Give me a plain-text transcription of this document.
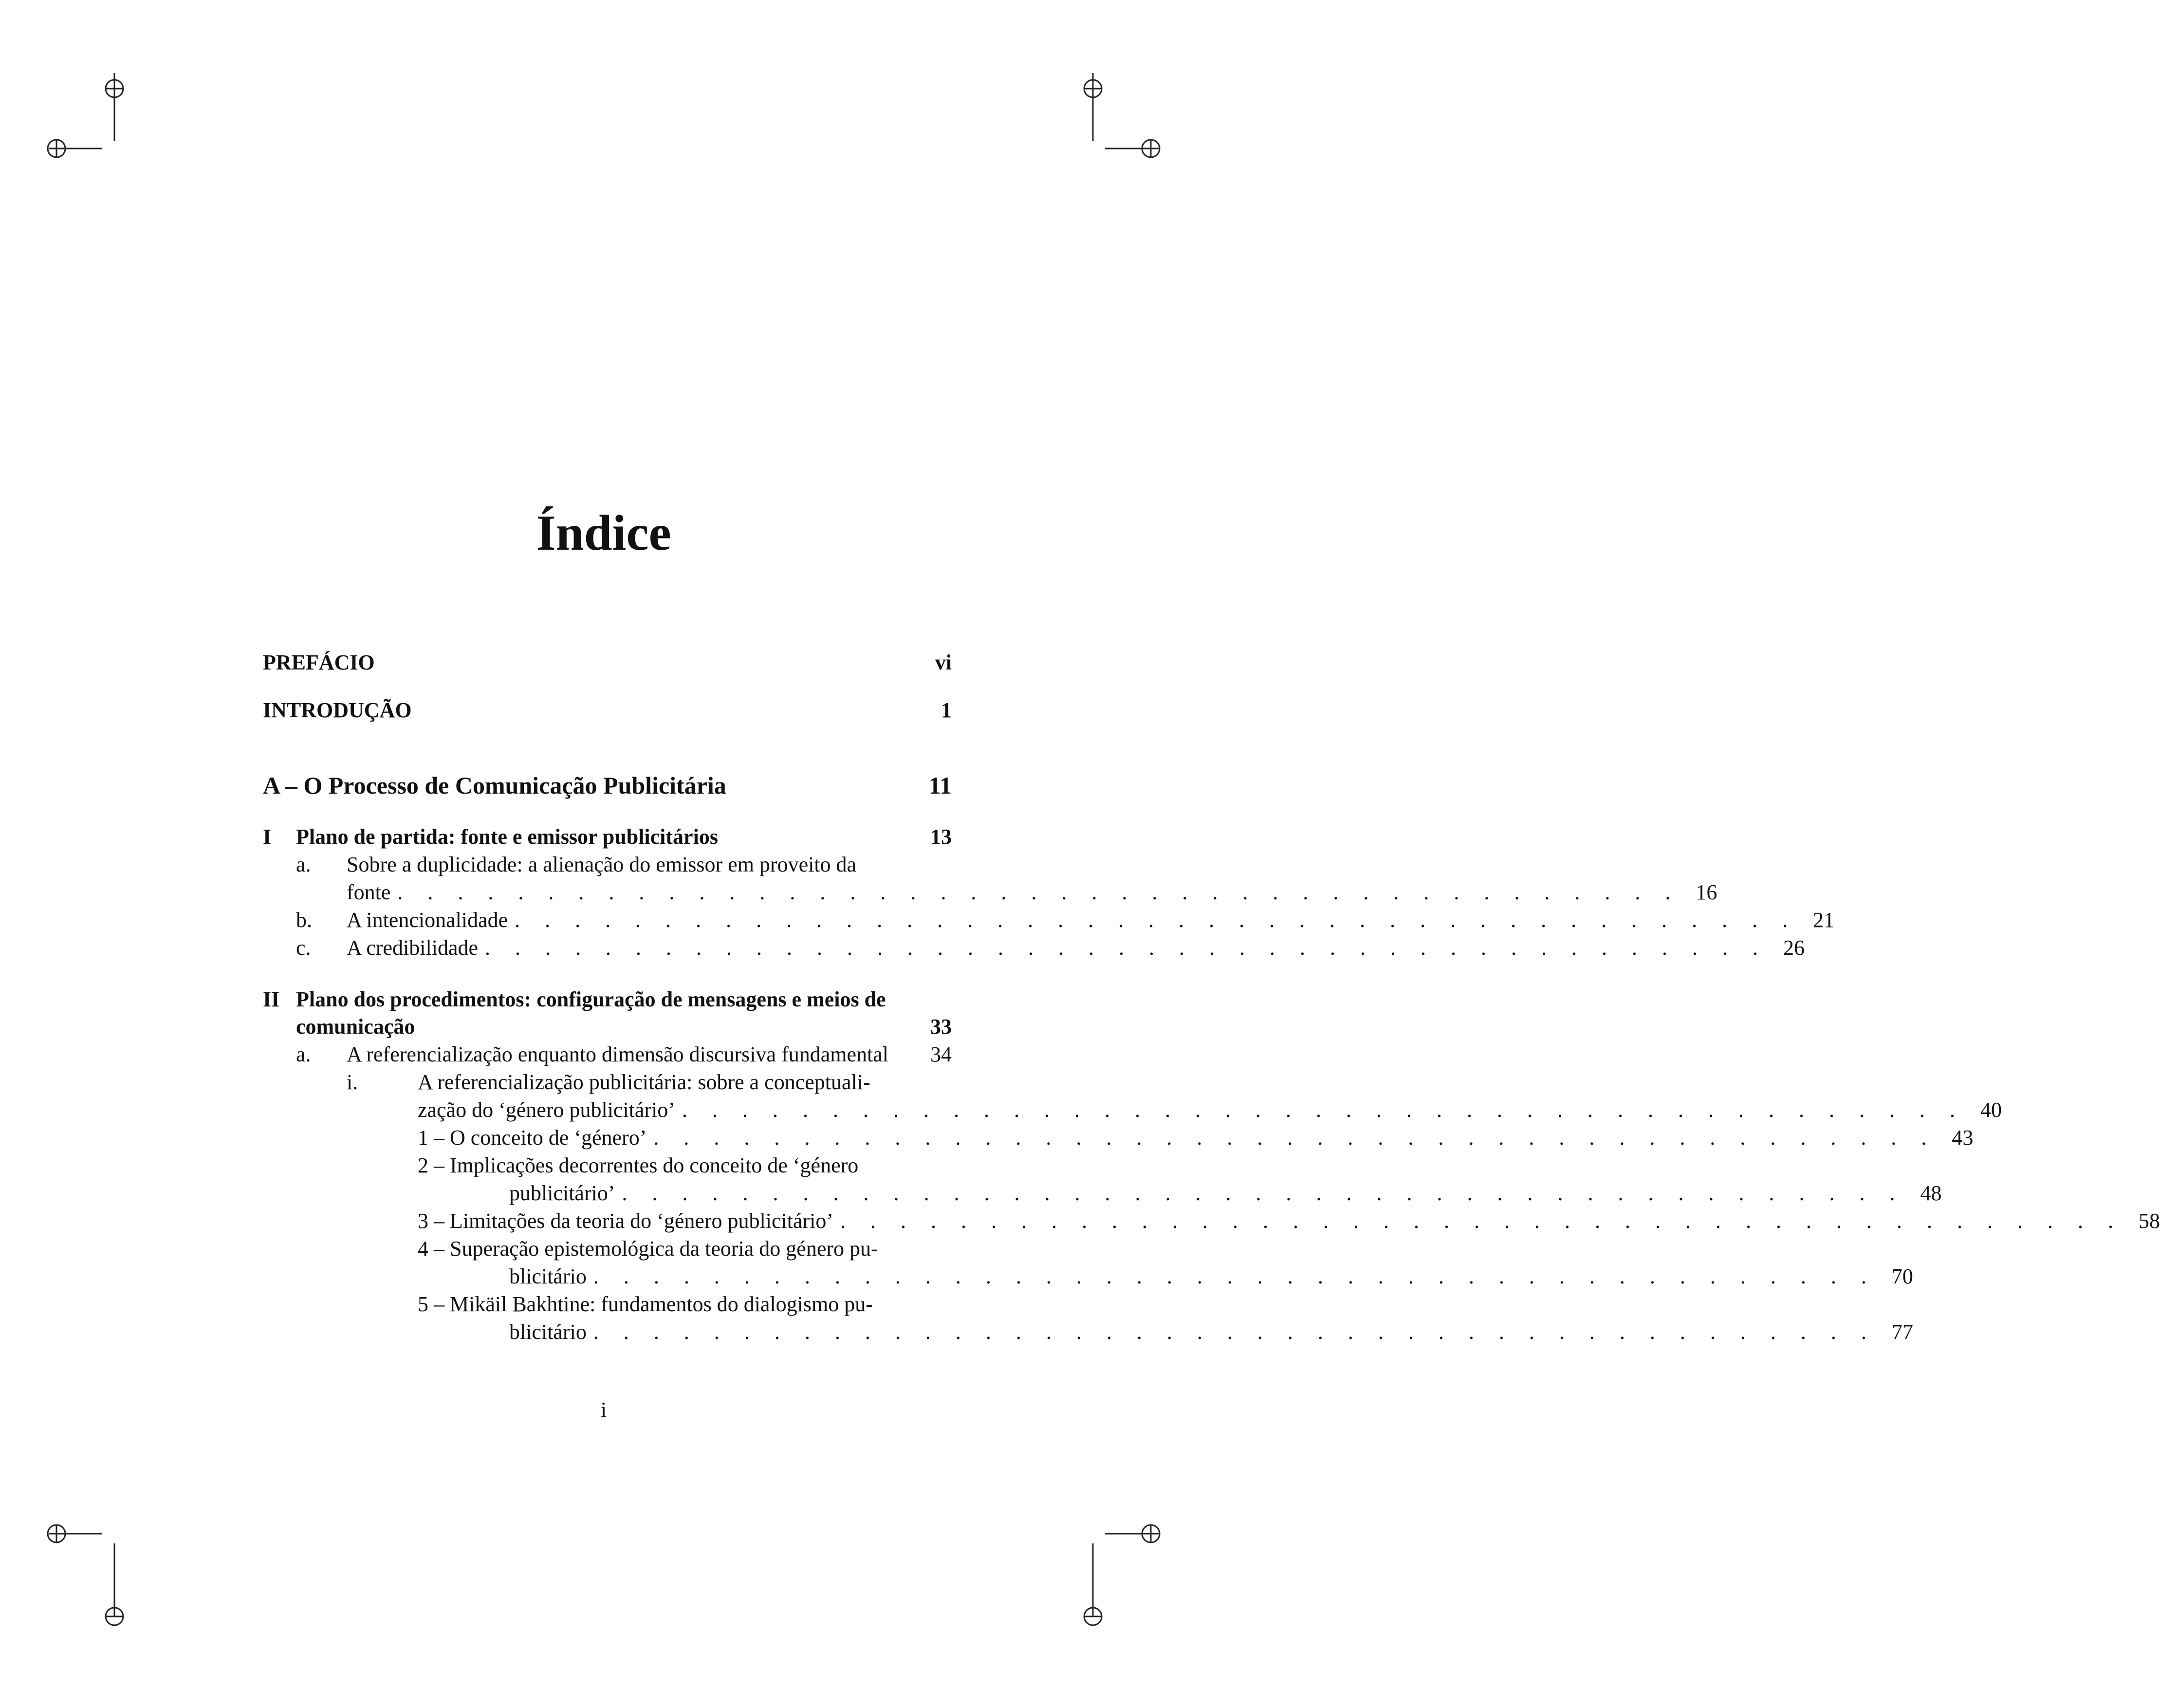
Índice
PREFÁCIO	vi
INTRODUÇÃO	1
A – O Processo de Comunicação Publicitária	11
I	Plano de partida: fonte e emissor publicitários	13
a.	Sobre a duplicidade: a alienação do emissor em proveito da
fonte . . . . . . . . . . . . . . . . . . . . . . . . . . . . . . . . . . . . . . . . . . . 16
b.	A intencionalidade . . . . . . . . . . . . . . . . . . . . . . . . . . . . . . . . . . . . . . . . . . . 21
c.	A credibilidade . . . . . . . . . . . . . . . . . . . . . . . . . . . . . . . . . . . . . . . . . . . 26
II Plano dos procedimentos: configuração de mensagens e meios de
comunicação	33
a.	A referencialização enquanto dimensão discursiva fundamental	34
i.	A referencialização publicitária: sobre a conceptuali-
zação do ‘género publicitário’ . . . . . . . . . . . . . . . . . . . . . . . . . . . . . . . . . . . . . . . . . . . 40
1 – O conceito de ‘género’ . . . . . . . . . . . . . . . . . . . . . . . . . . . . . . . . . . . . . . . . . . . 43
2 – Implicações decorrentes do conceito de ‘género
publicitário’ . . . . . . . . . . . . . . . . . . . . . . . . . . . . . . . . . . . . . . . . . . . 48
3 – Limitações da teoria do ‘género publicitário’ . . . . . . . . . . . . . . . . . . . . . . . . . . . . . . . . . . . . . . . . . . . 58
4 – Superação epistemológica da teoria do género pu-
blicitário . . . . . . . . . . . . . . . . . . . . . . . . . . . . . . . . . . . . . . . . . . . 70
5 – Mikäil Bakhtine: fundamentos do dialogismo pu-
blicitário . . . . . . . . . . . . . . . . . . . . . . . . . . . . . . . . . . . . . . . . . . . 77
i
